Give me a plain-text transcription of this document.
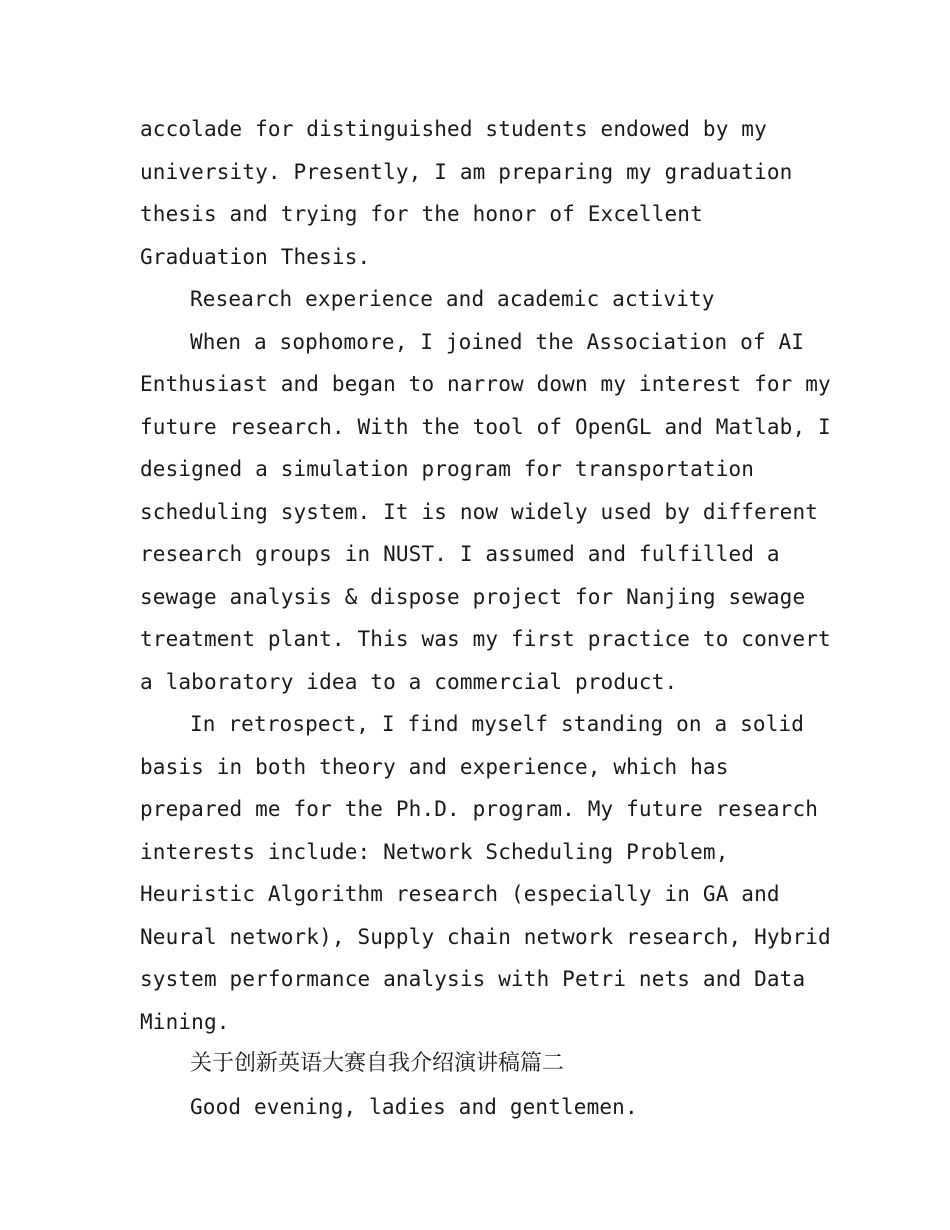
accolade for distinguished students endowed by my
university. Presently, I am preparing my graduation
thesis and trying for the honor of Excellent
Graduation Thesis.
Research experience and academic activity
When a sophomore, I joined the Association of AI
Enthusiast and began to narrow down my interest for my
future research. With the tool of OpenGL and Matlab, I
designed a simulation program for transportation
scheduling system. It is now widely used by different
research groups in NUST. I assumed and fulfilled a
sewage analysis & dispose project for Nanjing sewage
treatment plant. This was my first practice to convert
a laboratory idea to a commercial product.
In retrospect, I find myself standing on a solid
basis in both theory and experience, which has
prepared me for the Ph.D. program. My future research
interests include: Network Scheduling Problem,
Heuristic Algorithm research (especially in GA and
Neural network), Supply chain network research, Hybrid
system performance analysis with Petri nets and Data
Mining.
关于创新英语大赛自我介绍演讲稿篇二
Good evening, ladies and gentlemen.
